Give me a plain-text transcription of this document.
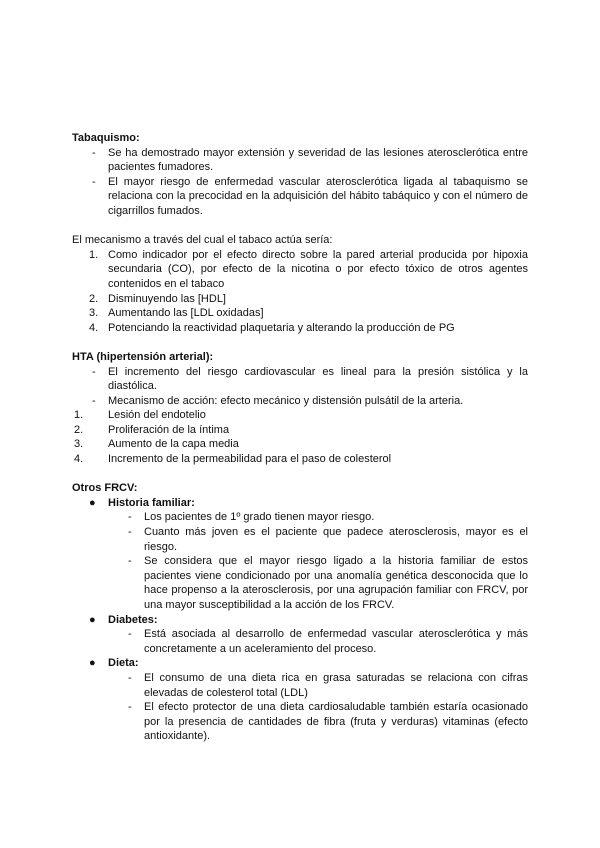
Tabaquismo:
- Se ha demostrado mayor extensión y severidad de las lesiones aterosclerótica entre pacientes fumadores.
- El mayor riesgo de enfermedad vascular aterosclerótica ligada al tabaquismo se relaciona con la precocidad en la adquisición del hábito tabáquico y con el número de cigarrillos fumados.
El mecanismo a través del cual el tabaco actúa sería:
1. Como indicador por el efecto directo sobre la pared arterial producida por hipoxia secundaria (CO), por efecto de la nicotina o por efecto tóxico de otros agentes contenidos en el tabaco
2. Disminuyendo las [HDL]
3. Aumentando las [LDL oxidadas]
4. Potenciando la reactividad plaquetaria y alterando la producción de PG
HTA (hipertensión arterial):
- El incremento del riesgo cardiovascular es lineal para la presión sistólica y la diastólica.
- Mecanismo de acción: efecto mecánico y distensión pulsátil de la arteria.
1. Lesión del endotelio
2. Proliferación de la íntima
3. Aumento de la capa media
4. Incremento de la permeabilidad para el paso de colesterol
Otros FRCV:
● Historia familiar:
- Los pacientes de 1º grado tienen mayor riesgo.
- Cuanto más joven es el paciente que padece aterosclerosis, mayor es el riesgo.
- Se considera que el mayor riesgo ligado a la historia familiar de estos pacientes viene condicionado por una anomalía genética desconocida que lo hace propenso a la aterosclerosis, por una agrupación familiar con FRCV, por una mayor susceptibilidad a la acción de los FRCV.
● Diabetes:
- Está asociada al desarrollo de enfermedad vascular aterosclerótica y más concretamente a un aceleramiento del proceso.
● Dieta:
- El consumo de una dieta rica en grasa saturadas se relaciona con cifras elevadas de colesterol total (LDL)
- El efecto protector de una dieta cardiosaludable también estaría ocasionado por la presencia de cantidades de fibra (fruta y verduras) vitaminas (efecto antioxidante).
